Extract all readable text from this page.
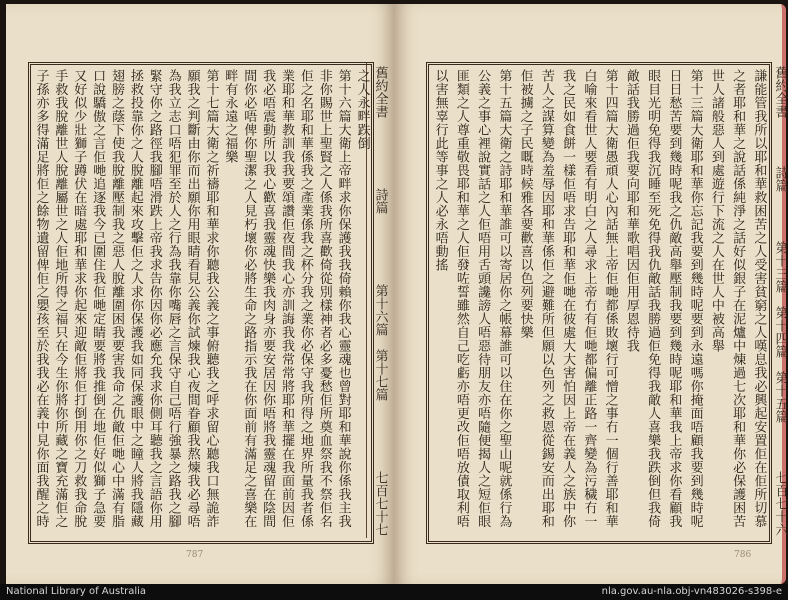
舊約全書
詩篇
第十六篇　第十七篇
七百七十七
之人永畔跌倒
第十六篇大衛上帝畔求你保護我我倚賴你我心靈魂也曾對耶和華說你係我主我
非你賜世上聖賢之人係我所喜歡倚從別樣神者必多憂愁佢所奠血祭我不祭佢名
佢之名耶和華係我之產業係我之杯分我之業你必保守我所得之地界所量我者係
業耶和華教訓我我要頌讚佢夜間我心亦訓誨我我常常將耶和華擺在我面前因佢
我必唔震動所以我心歡喜我靈魂快樂我肉身亦要安居因你唔將我靈魂留在陰間
間你必唔俾你聖潔之人見朽壞你必將生命之路指示我在你面前有滿足之喜樂在
畔有永遠之福樂
第十七篇大衛之祈禱耶和華求你聽我公義之事俯聽我之呼求留心聽我口無詭詐
願我之判斷由你而出願你用眼睛看見公義你試煉我心夜間眷顧我熬煉我必尋唔
為我立志口唔犯罪至於人之行為我靠你嘴唇之言保守自己唔行強暴之路我之腳
緊守你之路徑我腳唔滑跌上帝我求告你因你必應允我求你側耳聽我之言語你用
拯救投靠你之人脫離起來攻擊佢之人求你保護我如同保護眼中之瞳人將我隱藏
翅膀之蔭下使我脫離壓制我之惡人脫離圍困我要害我命之仇敵佢哋心中滿有脂
口說驕傲之言佢哋追逐我今已圍住我佢哋定睛要將我推倒在地佢好似獅子急要
又好似少壯獅子蹲伏在暗處耶和華求你起來迎敵佢將佢打倒用你之刀救我命脫
手救我脫離世人脫離屬世之人佢地所得之福只在今生你將你所藏之寶充滿佢之
子孫亦多得滿足將佢之餘物遺留俾佢之嬰孩至於我我必在義中見你面我醒之時
787
舊約全書
詩篇
第十三篇　第十四篇　第十五篇
七百七十六
謙能管我所以耶和華救困苦之人受害貧窮之人嘆息我必興起安置佢在佢所切慕
之者耶和華之說話係純淨之話好似銀子在泥爐中煉過七次耶和華你必保護困苦
世人諸般惡人到處遊行下流之人在世人中被高舉
第十三篇大衛耶和華你忘記我要到幾時呢要到永遠嗎你掩面唔顧我要到幾時呢
日日愁苦要到幾時呢我之仇敵高舉壓制我要到幾時呢耶和華我上帝求你看顧我
眼目光明免得我沉睡至死免得我仇敵話我勝過佢免得我敵人喜樂我跌倒但我倚
敵話我勝過佢我要向耶和華歌唱因佢用厚恩待我
第十四篇大衛愚頑人心內話無上帝佢哋都係敗壞行可憎之事冇一個行善耶和華
白喻來看世人要看有明白之人尋求上帝冇有佢哋都偏離正路一齊變為污穢冇一
我之民如食餅一樣佢唔求告耶和華佢哋在彼處大大害怕因上帝在義人之族中你
苦人之謀算變為羞辱因耶和華係佢之避難所但願以色列之救恩從錫安而出耶和
佢被擄之子民嘅時候雅各要歡喜以色列要快樂
第十五篇大衛之詩耶和華誰可以寄居你之帳幕誰可以住在你之聖山呢就係行為
公義之事心裡說實話之人佢唔用舌頭讒謗人唔惡待朋友亦唔隨便揭人之短佢眼
匪類之人尊重敬畏耶和華之人佢發咗誓雖然自己吃虧亦唔更改佢唔放債取利唔
以害無辜行此等事之人必永唔動搖
786
National Library of Australia	nla.gov.au-nla.obj-vn483026-s398-e
